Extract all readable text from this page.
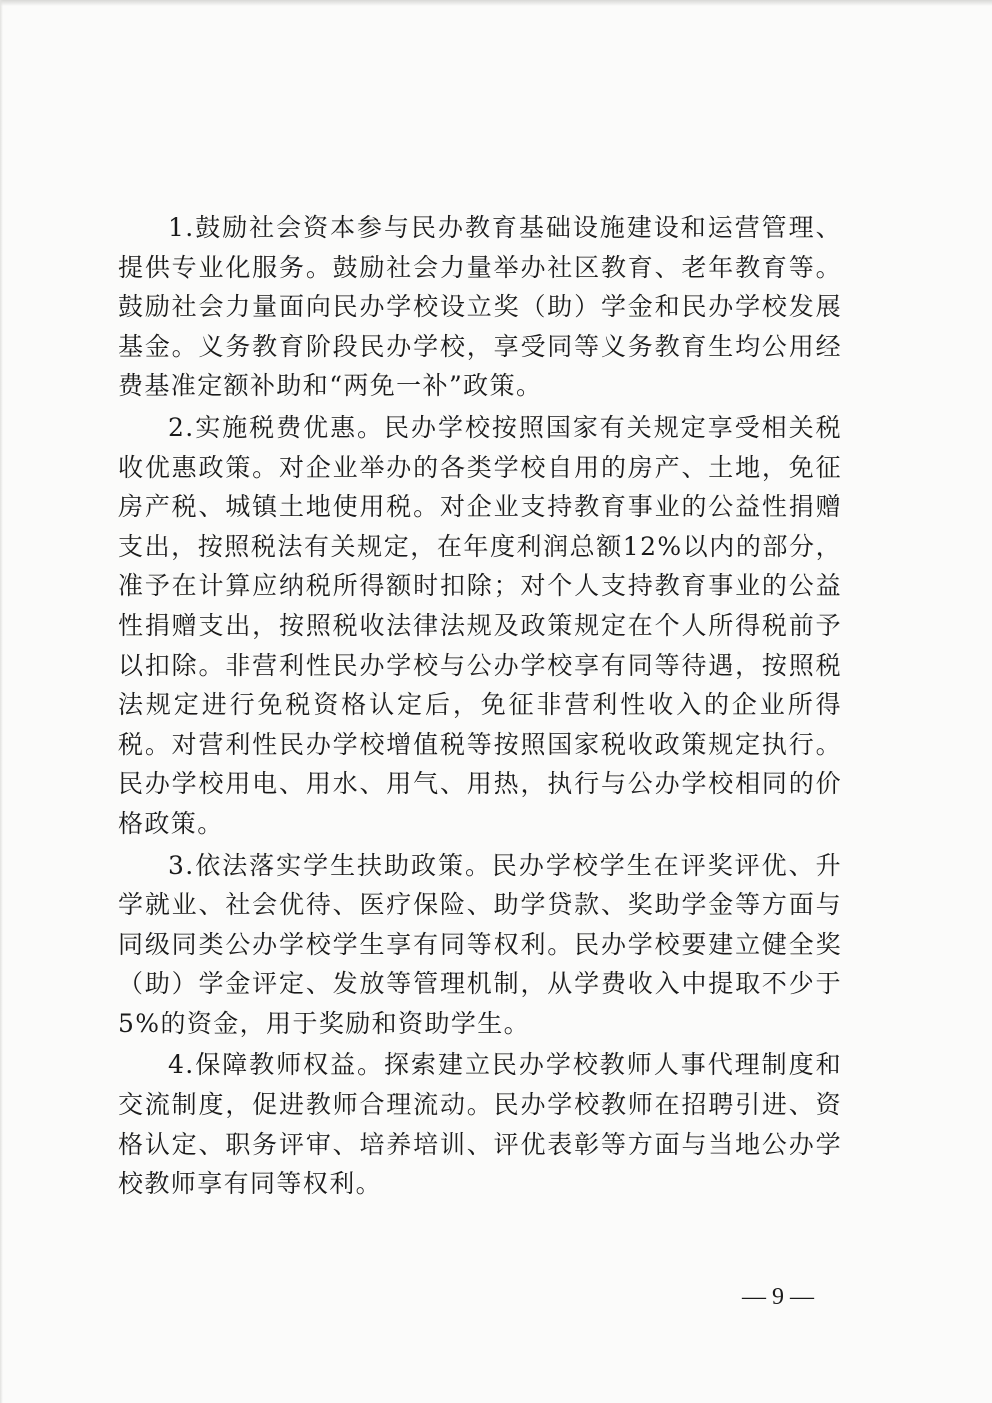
1.鼓励社会资本参与民办教育基础设施建设和运营管理、提供专业化服务。鼓励社会力量举办社区教育、老年教育等。鼓励社会力量面向民办学校设立奖（助）学金和民办学校发展基金。义务教育阶段民办学校，享受同等义务教育生均公用经费基准定额补助和“两免一补”政策。

2.实施税费优惠。民办学校按照国家有关规定享受相关税收优惠政策。对企业举办的各类学校自用的房产、土地，免征房产税、城镇土地使用税。对企业支持教育事业的公益性捐赠支出，按照税法有关规定，在年度利润总额12%以内的部分，准予在计算应纳税所得额时扣除；对个人支持教育事业的公益性捐赠支出，按照税收法律法规及政策规定在个人所得税前予以扣除。非营利性民办学校与公办学校享有同等待遇，按照税法规定进行免税资格认定后，免征非营利性收入的企业所得税。对营利性民办学校增值税等按照国家税收政策规定执行。民办学校用电、用水、用气、用热，执行与公办学校相同的价格政策。

3.依法落实学生扶助政策。民办学校学生在评奖评优、升学就业、社会优待、医疗保险、助学贷款、奖助学金等方面与同级同类公办学校学生享有同等权利。民办学校要建立健全奖（助）学金评定、发放等管理机制，从学费收入中提取不少于5%的资金，用于奖励和资助学生。

4.保障教师权益。探索建立民办学校教师人事代理制度和交流制度，促进教师合理流动。民办学校教师在招聘引进、资格认定、职务评审、培养培训、评优表彰等方面与当地公办学校教师享有同等权利。

— 9 —
